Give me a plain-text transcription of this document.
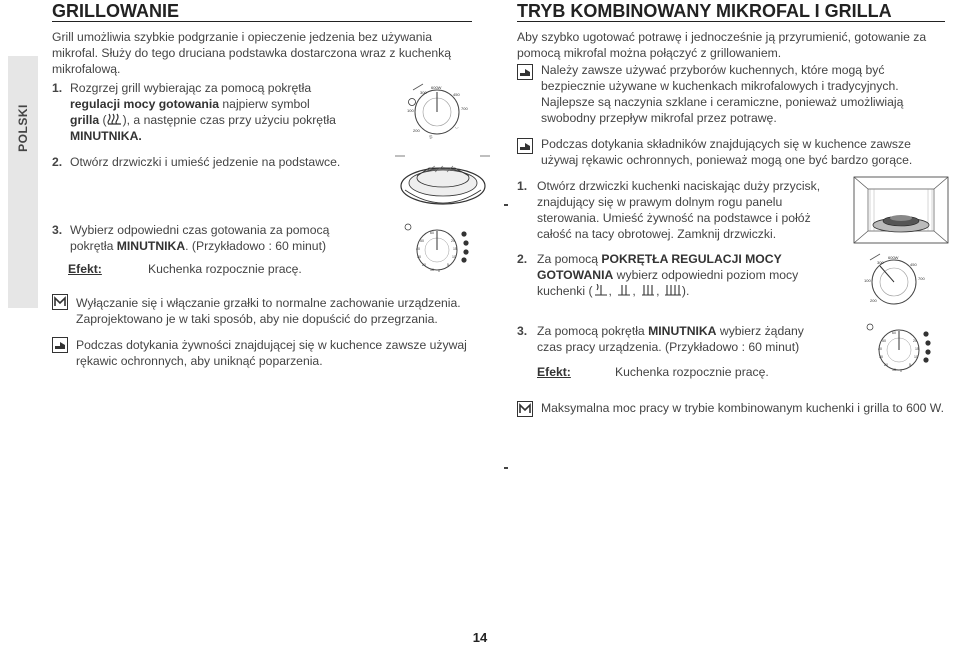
POLSKI
GRILLOWANIE

Grill umożliwia szybkie podgrzanie i opieczenie jedzenia bez używania mikrofal. Służy do tego druciana podstawka dostarczona wraz z kuchenką mikrofalową.

1. Rozgrzej grill wybierając za pomocą pokrętła
regulacji mocy gotowania najpierw symbol
grilla ( ), a następnie czas przy użyciu pokrętła
MINUTNIKA.
2. Otwórz drzwiczki i umieść jedzenie na podstawce.
600W
300
100
450
700
200
௫
◡
3. Wybierz odpowiedni czas gotowania za pomocą
pokrętła MINUTNIKA. (Przykładowo : 60 minut)
Efekt:	Kuchenka rozpocznie pracę.
60
50
40
30
20
10 0
5
10
15
20

Wyłączanie się i włączanie grzałki to normalne zachowanie urządzenia. Zaprojektowano je w taki sposób, aby nie dopuścić do przegrzania.

Podczas dotykania żywności znajdującej się w kuchence zawsze używaj rękawic ochronnych, aby uniknąć poparzenia.

TRYB KOMBINOWANY MIKROFAL I GRILLA

Aby szybko ugotować potrawę i jednocześnie ją przyrumienić, gotowanie za pomocą mikrofal można połączyć z grillowaniem.

Należy zawsze używać przyborów kuchennych, które mogą być bezpiecznie używane w kuchenkach mikrofalowych i tradycyjnych. Najlepsze są naczynia szklane i ceramiczne, ponieważ umożliwiają swobodny przepływ mikrofal przez potrawę.

Podczas dotykania składników znajdujących się w kuchence zawsze używaj rękawic ochronnych, ponieważ mogą one być bardzo gorące.

1. Otwórz drzwiczki kuchenki naciskając duży przycisk, znajdujący się w prawym dolnym rogu panelu sterowania. Umieść żywność na podstawce i połóż całość na tacy obrotowej. Zamknij drzwiczki.
2. Za pomocą POKRĘTŁA REGULACJI MOCY
GOTOWANIA wybierz odpowiedni poziom mocy
kuchenki ( , , , ).
600W
300
100
450
700
200
3. Za pomocą pokrętła MINUTNIKA wybierz żądany
czas pracy urządzenia. (Przykładowo : 60 minut)
Efekt:	Kuchenka rozpocznie pracę.
60
50
40
30
20
10 0
5
10
15
20

Maksymalna moc pracy w trybie kombinowanym kuchenki i grilla to 600 W.

14
